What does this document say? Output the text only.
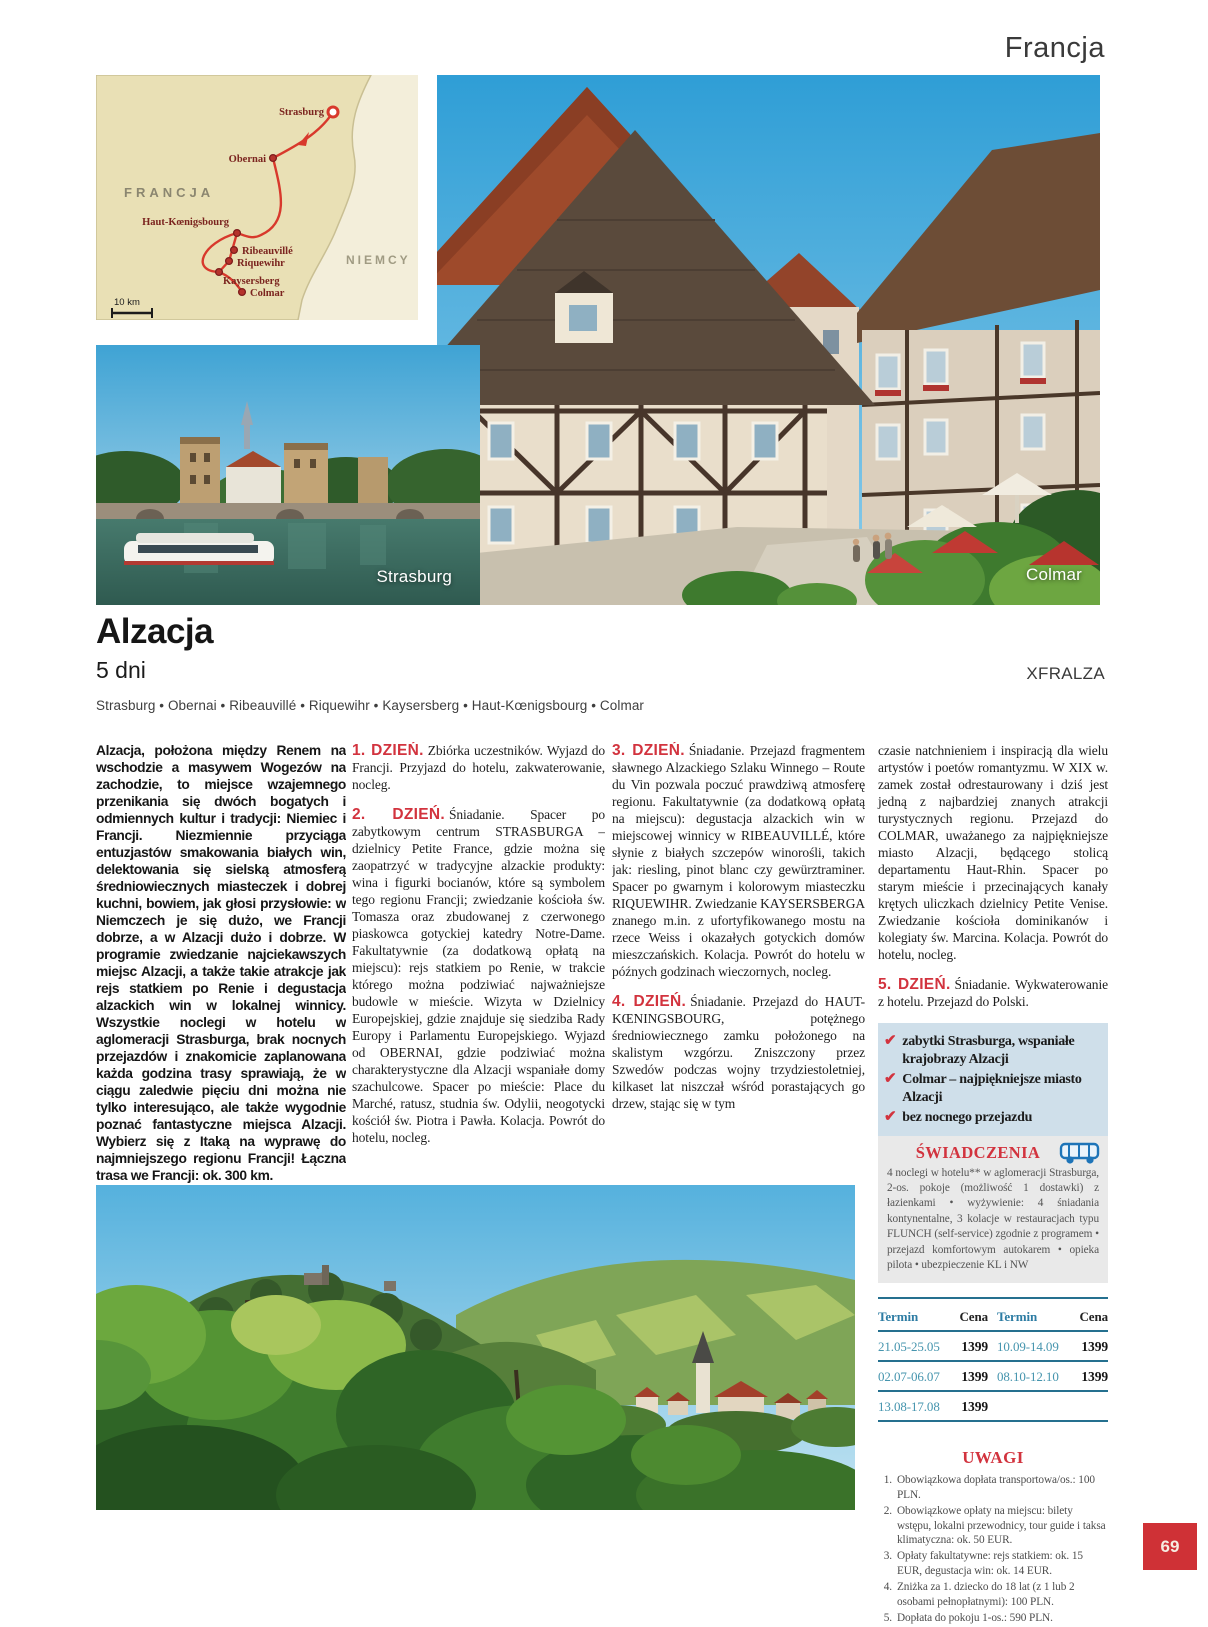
Francja
FRANCJA
NIEMCY
Strasburg
Obernai
Haut-Kœnigsbourg
Ribeauvillé
Riquewihr
Kaysersberg
Colmar
10 km
Colmar
Strasburg
Alzacja
5 dni	XFRALZA
Strasburg • Obernai • Ribeauvillé • Riquewihr • Kaysersberg • Haut-Kœnigsbourg • Colmar

Alzacja, położona między Renem na wschodzie a masywem Wogezów na zachodzie, to miejsce wzajemnego przenikania się dwóch bogatych i odmiennych kultur i tradycji: Niemiec i Francji. Niezmiennie przyciąga entuzjastów smakowania białych win, delektowania się sielską atmosferą średniowiecznych miasteczek i dobrej kuchni, bowiem, jak głosi przysłowie: w Niemczech je się dużo, we Francji dobrze, a w Alzacji dużo i dobrze. W programie zwiedzanie najciekawszych miejsc Alzacji, a także takie atrakcje jak rejs statkiem po Renie i degustacja alzackich win w lokalnej winnicy. Wszystkie noclegi w hotelu w aglomeracji Strasburga, brak nocnych przejazdów i znakomicie zaplanowana każda godzina trasy sprawiają, że w ciągu zaledwie pięciu dni można nie tylko interesująco, ale także wygodnie poznać fantastyczne miejsca Alzacji. Wybierz się z Itaką na wyprawę do najmniejszego regionu Francji! Łączna trasa we Francji: ok. 300 km.

1. DZIEŃ. Zbiórka uczestników. Wyjazd do Francji. Przyjazd do hotelu, zakwaterowanie, nocleg.

2. DZIEŃ. Śniadanie. Spacer po zabytkowym centrum STRASBURGA – dzielnicy Petite France, gdzie można się zaopatrzyć w tradycyjne alzackie produkty: wina i figurki bocianów, które są symbolem tego regionu Francji; zwiedzanie kościoła św. Tomasza oraz zbudowanej z czerwonego piaskowca gotyckiej katedry Notre-Dame. Fakultatywnie (za dodatkową opłatą na miejscu): rejs statkiem po Renie, w trakcie którego można podziwiać najważniejsze budowle w mieście. Wizyta w Dzielnicy Europejskiej, gdzie znajduje się siedziba Rady Europy i Parlamentu Europejskiego. Wyjazd od OBERNAI, gdzie podziwiać można charakterystyczne dla Alzacji wspaniałe domy szachulcowe. Spacer po mieście: Place du Marché, ratusz, studnia św. Odylii, neogotycki kościół św. Piotra i Pawła. Kolacja. Powrót do hotelu, nocleg.

3. DZIEŃ. Śniadanie. Przejazd fragmentem sławnego Alzackiego Szlaku Winnego – Route du Vin pozwala poczuć prawdziwą atmosferę regionu. Fakultatywnie (za dodatkową opłatą na miejscu): degustacja alzackich win w miejscowej winnicy w RIBEAUVILLÉ, które słynie z białych szczepów winorośli, takich jak: riesling, pinot blanc czy gewürztraminer. Spacer po gwarnym i kolorowym miasteczku RIQUEWIHR. Zwiedzanie KAYSERSBERGA znanego m.in. z ufortyfikowanego mostu na rzece Weiss i okazałych gotyckich domów mieszczańskich. Kolacja. Powrót do hotelu w późnych godzinach wieczornych, nocleg.

4. DZIEŃ. Śniadanie. Przejazd do HAUT-KŒNINGSBOURG, potężnego średniowiecznego zamku położonego na skalistym wzgórzu. Zniszczony przez Szwedów podczas wojny trzydziestoletniej, kilkaset lat niszczał wśród porastających go drzew, stając się w tym

czasie natchnieniem i inspiracją dla wielu artystów i poetów romantyzmu. W XIX w. zamek został odrestaurowany i dziś jest jedną z najbardziej znanych atrakcji turystycznych regionu. Przejazd do COLMAR, uważanego za najpiękniejsze miasto Alzacji, będącego stolicą departamentu Haut-Rhin. Spacer po starym mieście i przecinających kanały krętych uliczkach dzielnicy Petite Venise. Zwiedzanie kościoła dominikanów i kolegiaty św. Marcina. Kolacja. Powrót do hotelu, nocleg.

5. DZIEŃ. Śniadanie. Wykwaterowanie z hotelu. Przejazd do Polski.

✔ zabytki Strasburga, wspaniałe krajobrazy Alzacji
✔ Colmar – najpiękniejsze miasto Alzacji
✔ bez nocnego przejazdu
ŚWIADCZENIA
4 noclegi w hotelu** w aglomeracji Strasburga, 2-os. pokoje (możliwość 1 dostawki) z łazienkami • wyżywienie: 4 śniadania kontynentalne, 3 kolacje w restauracjach typu FLUNCH (self-service) zgodnie z programem • przejazd komfortowym autokarem • opieka pilota • ubezpieczenie KL i NW
Termin	Cena Termin	Cena
21.05-25.05	1399 10.09-14.09	1399
02.07-06.07	1399 08.10-12.10	1399
13.08-17.08	1399
UWAGI
1. Obowiązkowa dopłata transportowa/os.: 100 PLN.
2. Obowiązkowe opłaty na miejscu: bilety wstępu, lokalni przewodnicy, tour guide i taksa klimatyczna: ok. 50 EUR.
3. Opłaty fakultatywne: rejs statkiem: ok. 15 EUR, degustacja win: ok. 14 EUR.
4. Zniżka za 1. dziecko do 18 lat (z 1 lub 2 osobami pełnopłatnymi): 100 PLN.
5. Dopłata do pokoju 1-os.: 590 PLN.
69
